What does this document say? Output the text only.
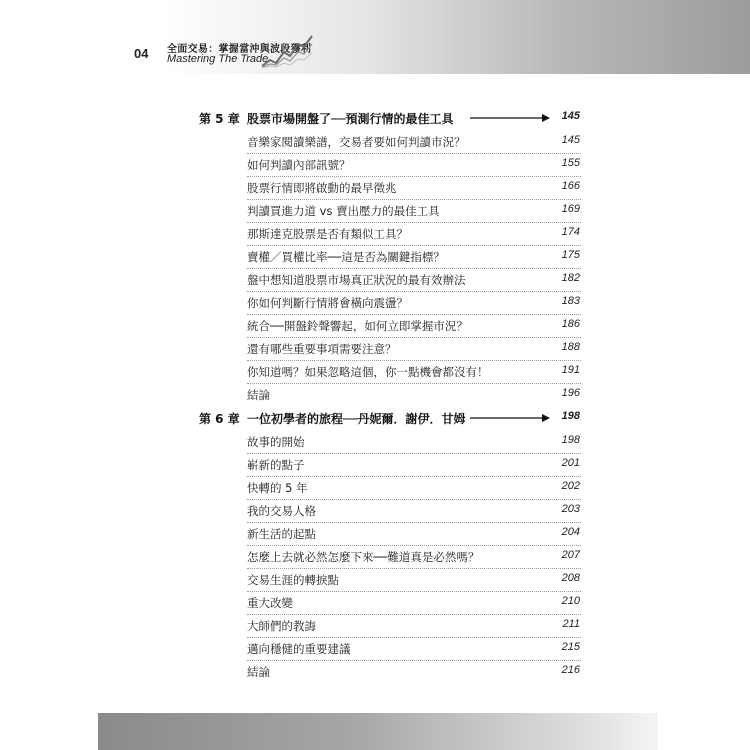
04 全面交易：掌握當沖與波段獲利
Mastering The Trade
第 5 章 股票市場開盤了──預測行情的最佳工具	145
音樂家閱讀樂譜，交易者要如何判讀市況？	145
如何判讀內部訊號？	155
股票行情即將啟動的最早徵兆	166
判讀買進力道 vs 賣出壓力的最佳工具	169
那斯達克股票是否有類似工具？	174
賣權／買權比率──這是否為關鍵指標？	175
盤中想知道股票市場真正狀況的最有效辦法	182
你如何判斷行情將會橫向震盪？	183
統合──開盤鈴聲響起，如何立即掌握市況？	186
還有哪些重要事項需要注意？	188
你知道嗎？如果忽略這個，你一點機會都沒有！	191
結論	196
第 6 章 一位初學者的旅程──丹妮爾．謝伊．甘姆	198
故事的開始	198
嶄新的點子	201
快轉的 5 年	202
我的交易人格	203
新生活的起點	204
怎麼上去就必然怎麼下來──難道真是必然嗎？	207
交易生涯的轉捩點	208
重大改變	210
大師們的教誨	211
邁向穩健的重要建議	215
結論	216
